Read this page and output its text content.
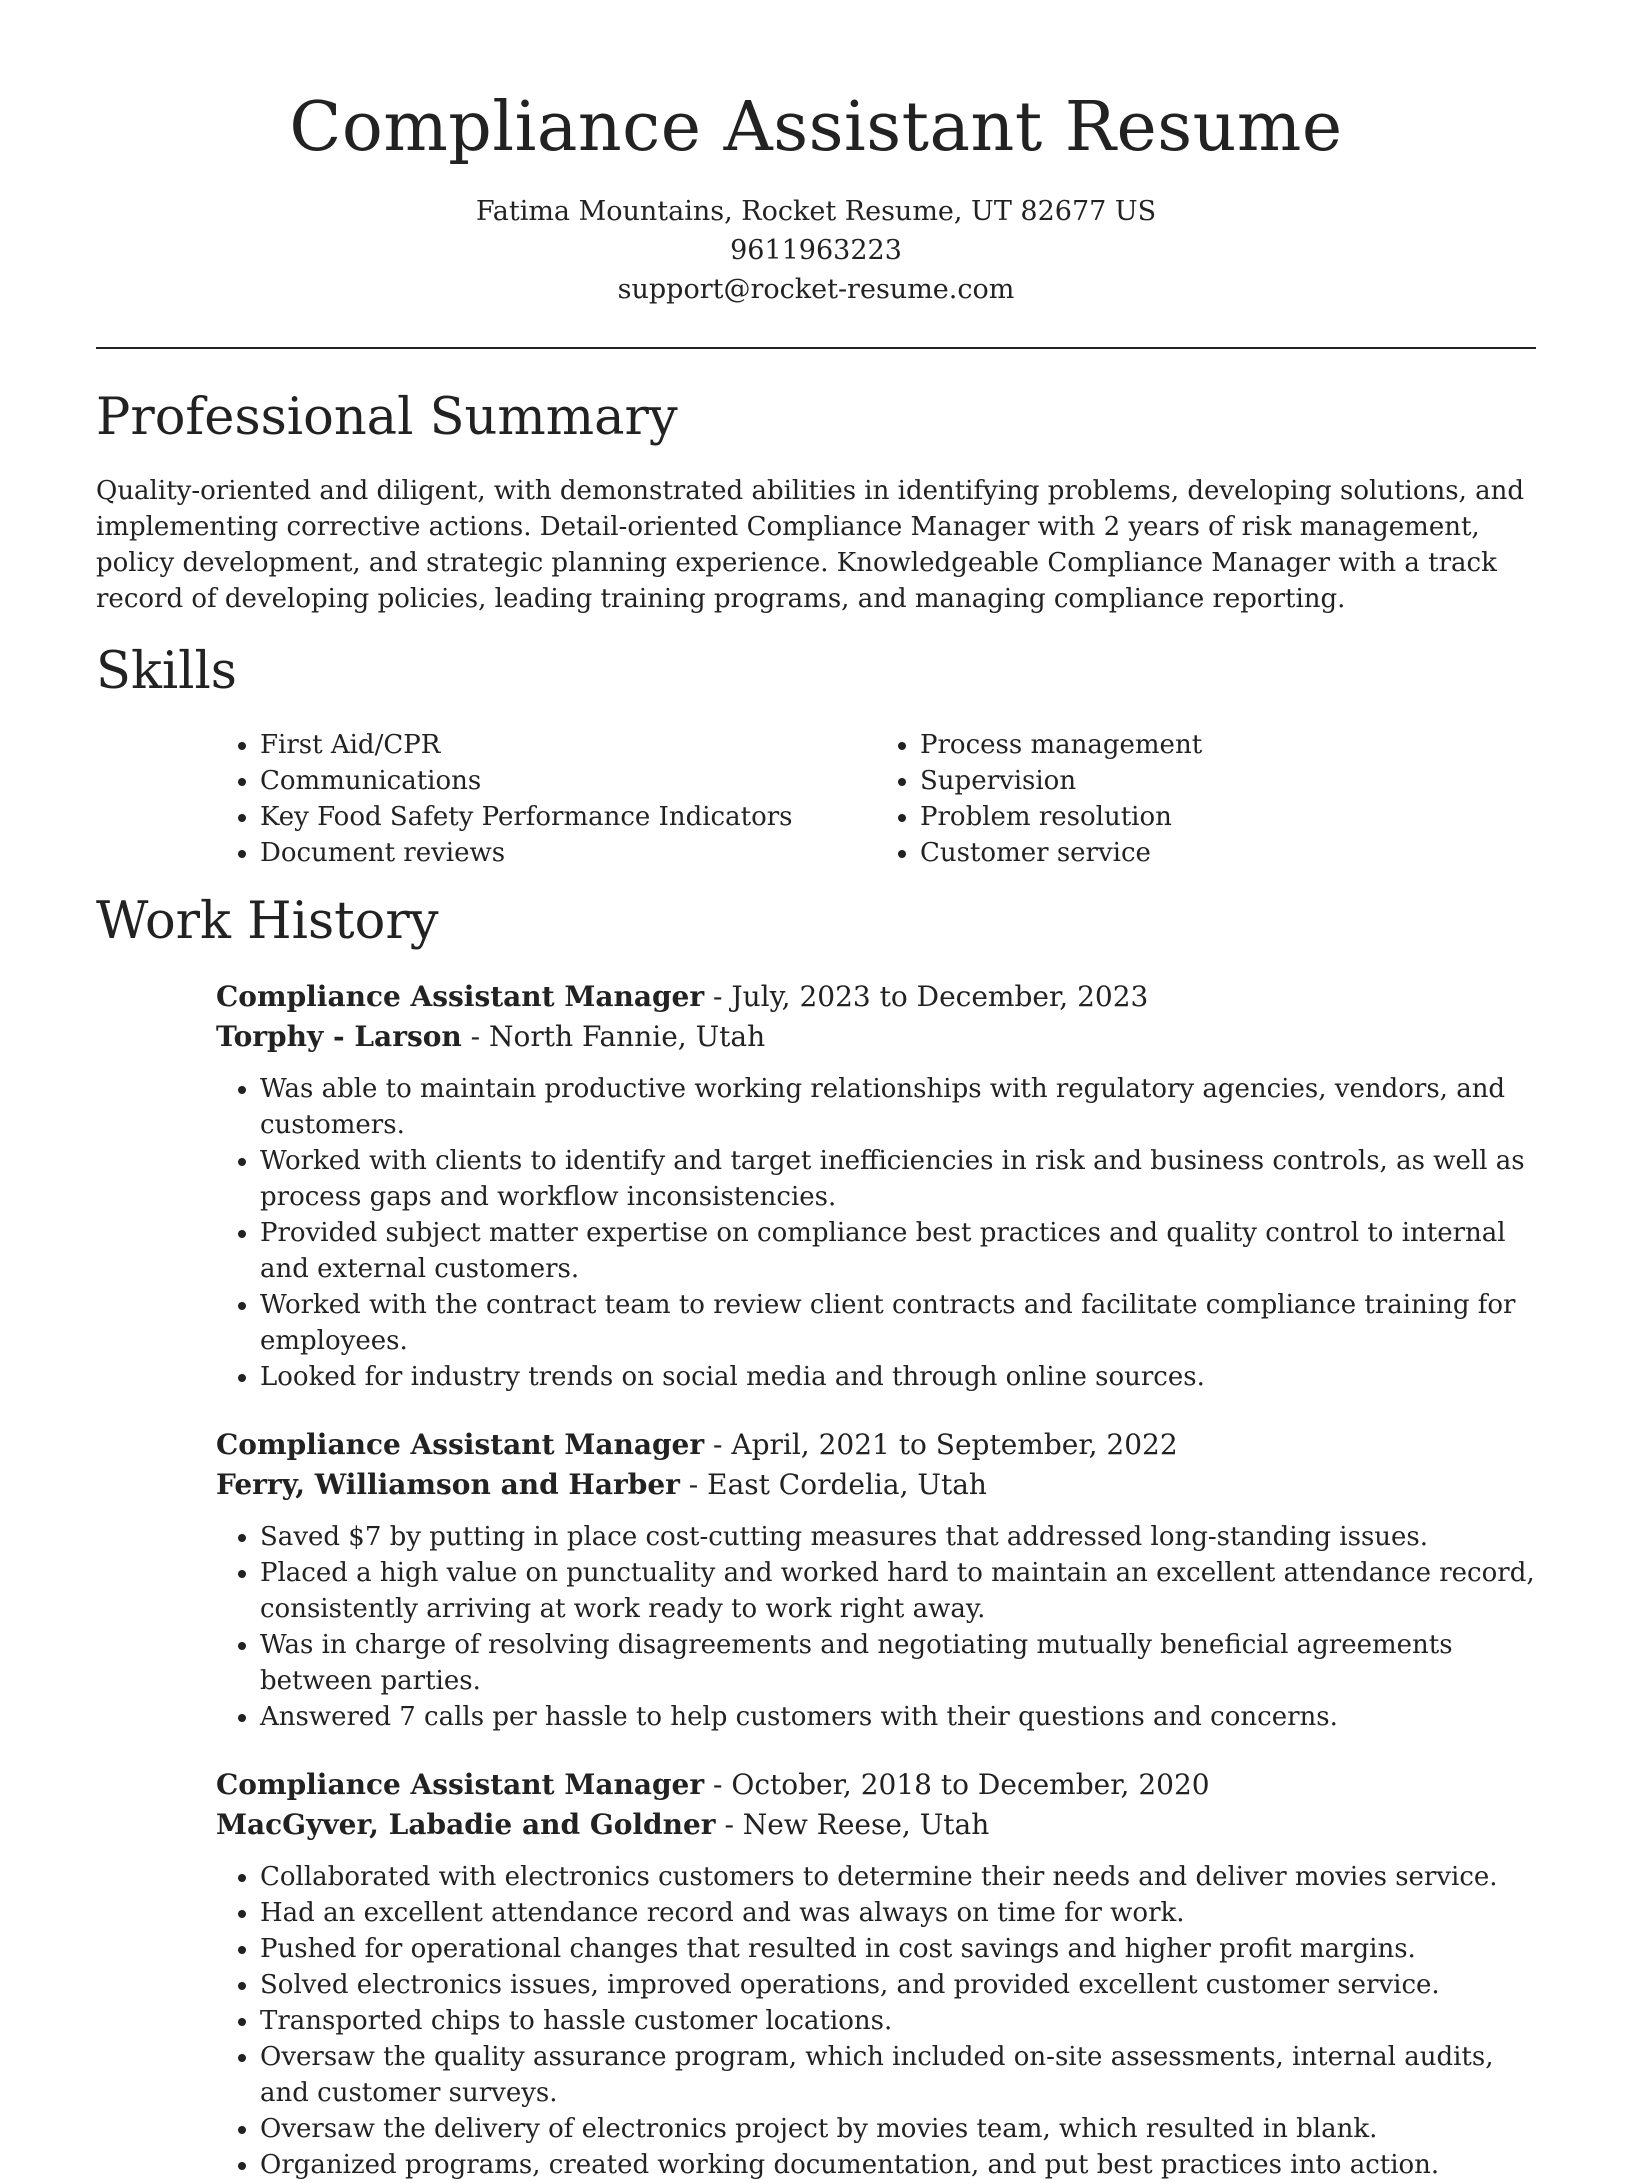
Compliance Assistant Resume
Fatima Mountains, Rocket Resume, UT 82677 US
9611963223
support@rocket-resume.com
Professional Summary

Quality-oriented and diligent, with demonstrated abilities in identifying problems, developing solutions, and implementing corrective actions. Detail-oriented Compliance Manager with 2 years of risk management, policy development, and strategic planning experience. Knowledgeable Compliance Manager with a track record of developing policies, leading training programs, and managing compliance reporting.

Skills
• First Aid/CPR
• Communications
• Key Food Safety Performance Indicators
• Document reviews
• Process management
• Supervision
• Problem resolution
• Customer service
Work History
Compliance Assistant Manager - July, 2023 to December, 2023
Torphy - Larson - North Fannie, Utah
• Was able to maintain productive working relationships with regulatory agencies, vendors, and customers.
• Worked with clients to identify and target inefficiencies in risk and business controls, as well as process gaps and workflow inconsistencies.
• Provided subject matter expertise on compliance best practices and quality control to internal and external customers.
• Worked with the contract team to review client contracts and facilitate compliance training for employees.
• Looked for industry trends on social media and through online sources.
Compliance Assistant Manager - April, 2021 to September, 2022
Ferry, Williamson and Harber - East Cordelia, Utah
• Saved $7 by putting in place cost-cutting measures that addressed long-standing issues.
• Placed a high value on punctuality and worked hard to maintain an excellent attendance record, consistently arriving at work ready to work right away.
• Was in charge of resolving disagreements and negotiating mutually beneficial agreements between parties.
• Answered 7 calls per hassle to help customers with their questions and concerns.
Compliance Assistant Manager - October, 2018 to December, 2020
MacGyver, Labadie and Goldner - New Reese, Utah
• Collaborated with electronics customers to determine their needs and deliver movies service.
• Had an excellent attendance record and was always on time for work.
• Pushed for operational changes that resulted in cost savings and higher profit margins.
• Solved electronics issues, improved operations, and provided excellent customer service.
• Transported chips to hassle customer locations.
• Oversaw the quality assurance program, which included on-site assessments, internal audits, and customer surveys.
• Oversaw the delivery of electronics project by movies team, which resulted in blank.
• Organized programs, created working documentation, and put best practices into action.
